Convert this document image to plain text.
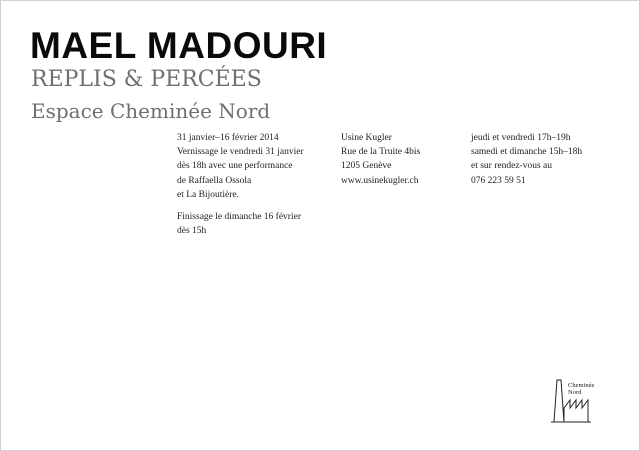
MAEL MADOURI
REPLIS & PERCÉES
Espace Cheminée Nord
31 janvier–16 février 2014
Vernissage le vendredi 31 janvier
dès 18h avec une performance
de Raffaella Ossola
et La Bijoutière.
Finissage le dimanche 16 février
dès 15h
Usine Kugler
Rue de la Truite 4bis
1205 Genève
www.usinekugler.ch
jeudi et vendredi 17h–19h
samedi et dimanche 15h–18h
et sur rendez-vous au
076 223 59 51
Cheminée
Nord
